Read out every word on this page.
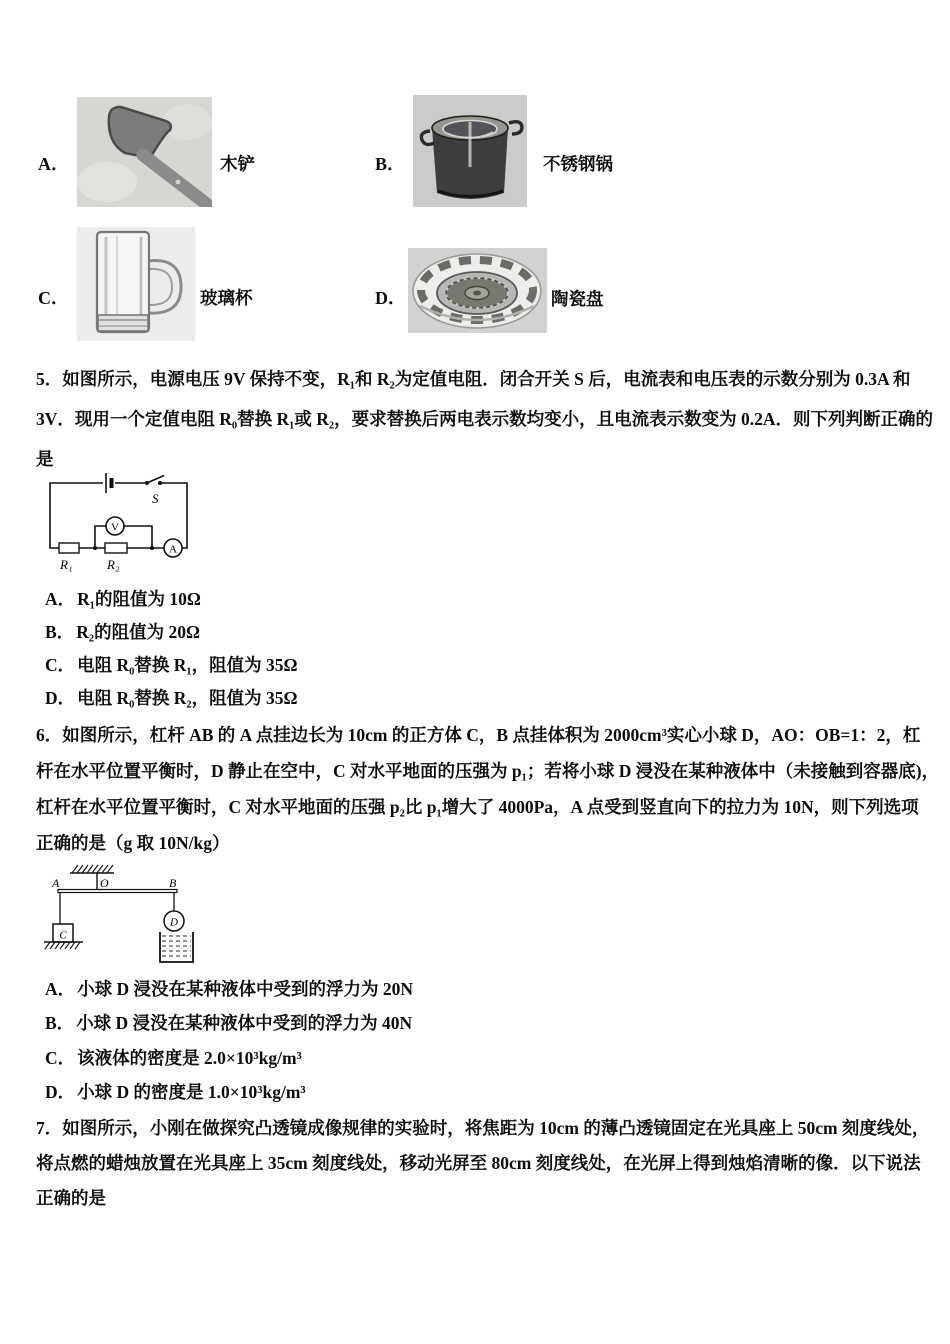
A．	木铲	B．	不锈钢锅
C．	玻璃杯	D．	陶瓷盘
5．如图所示，电源电压 9V 保持不变，R₁和 R₂为定值电阻．闭合开关 S 后，电流表和电压表的示数分别为 0.3A 和
3V．现用一个定值电阻 R₀替换 R₁或 R₂，要求替换后两电表示数均变小，且电流表示数变为 0.2A．则下列判断正确的
是
S
V
A
R₁	R₂
A． R₁的阻值为 10Ω
B． R₂的阻值为 20Ω
C． 电阻 R₀替换 R₁，阻值为 35Ω
D． 电阻 R₀替换 R₂，阻值为 35Ω
6．如图所示，杠杆 AB 的 A 点挂边长为 10cm 的正方体 C，B 点挂体积为 2000cm³实心小球 D，AO：OB=1：2，杠
杆在水平位置平衡时，D 静止在空中，C 对水平地面的压强为 p₁；若将小球 D 浸没在某种液体中（未接触到容器底)，
杠杆在水平位置平衡时，C 对水平地面的压强 p₂比 p₁增大了 4000Pa，A 点受到竖直向下的拉力为 10N，则下列选项
正确的是（g 取 10N/kg）
A	O	B
C
D
A． 小球 D 浸没在某种液体中受到的浮力为 20N
B． 小球 D 浸没在某种液体中受到的浮力为 40N
C． 该液体的密度是 2.0×10³kg/m³
D． 小球 D 的密度是 1.0×10³kg/m³
7．如图所示，小刚在做探究凸透镜成像规律的实验时，将焦距为 10cm 的薄凸透镜固定在光具座上 50cm 刻度线处，
将点燃的蜡烛放置在光具座上 35cm 刻度线处，移动光屏至 80cm 刻度线处，在光屏上得到烛焰清晰的像．以下说法
正确的是
